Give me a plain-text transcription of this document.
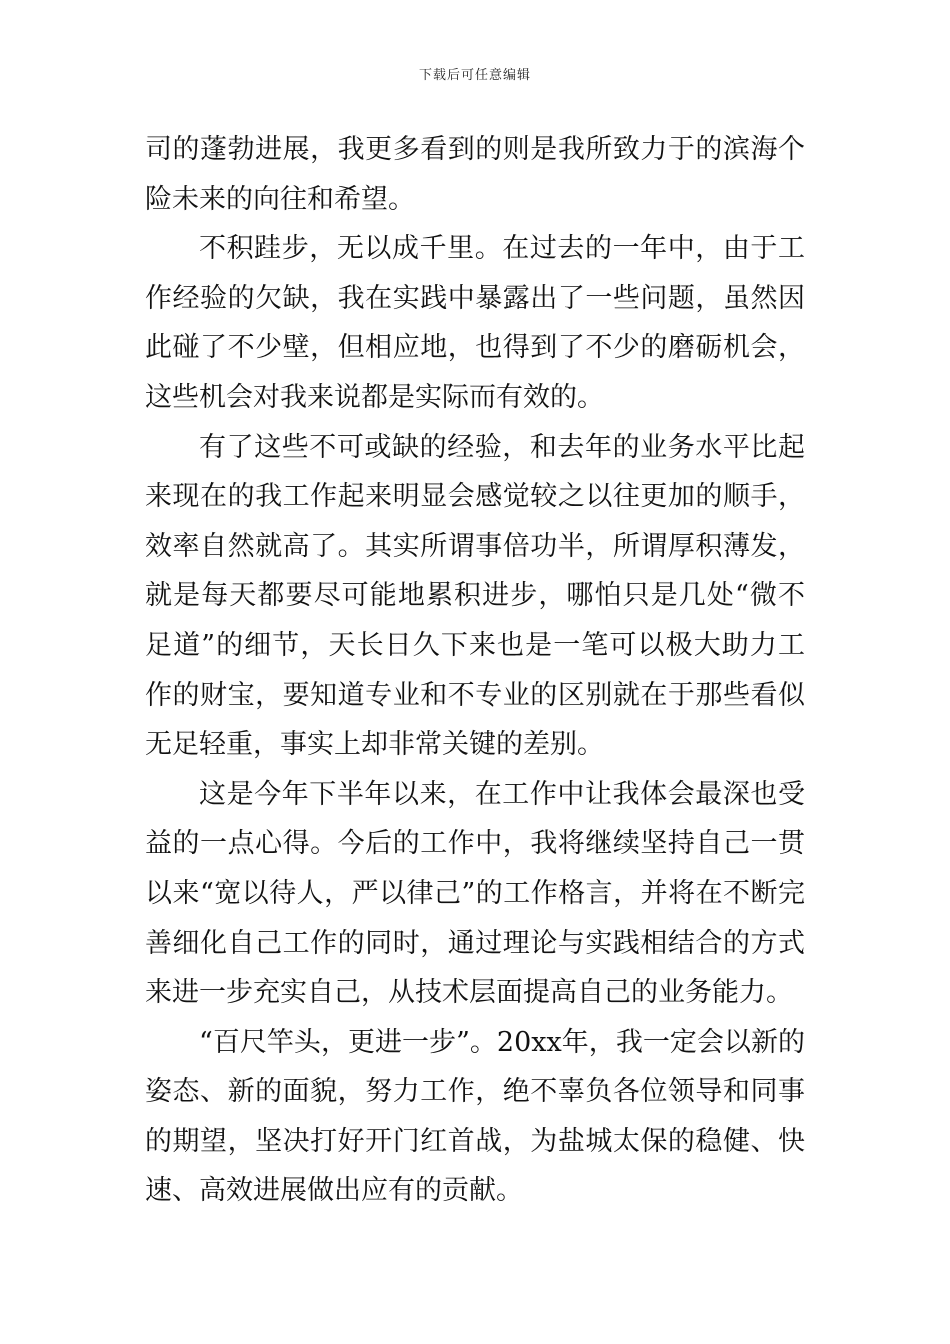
下载后可任意编辑

司的蓬勃进展，我更多看到的则是我所致力于的滨海个险未来的向往和希望。

不积跬步，无以成千里。在过去的一年中，由于工作经验的欠缺，我在实践中暴露出了一些问题，虽然因此碰了不少壁，但相应地，也得到了不少的磨砺机会，这些机会对我来说都是实际而有效的。

有了这些不可或缺的经验，和去年的业务水平比起来现在的我工作起来明显会感觉较之以往更加的顺手，效率自然就高了。其实所谓事倍功半，所谓厚积薄发，就是每天都要尽可能地累积进步，哪怕只是几处“微不足道”的细节，天长日久下来也是一笔可以极大助力工作的财宝，要知道专业和不专业的区别就在于那些看似无足轻重，事实上却非常关键的差别。

这是今年下半年以来，在工作中让我体会最深也受益的一点心得。今后的工作中，我将继续坚持自己一贯以来“宽以待人，严以律己”的工作格言，并将在不断完善细化自己工作的同时，通过理论与实践相结合的方式来进一步充实自己，从技术层面提高自己的业务能力。

“百尺竿头，更进一步”。20xx年，我一定会以新的姿态、新的面貌，努力工作，绝不辜负各位领导和同事的期望，坚决打好开门红首战，为盐城太保的稳健、快速、高效进展做出应有的贡献。
